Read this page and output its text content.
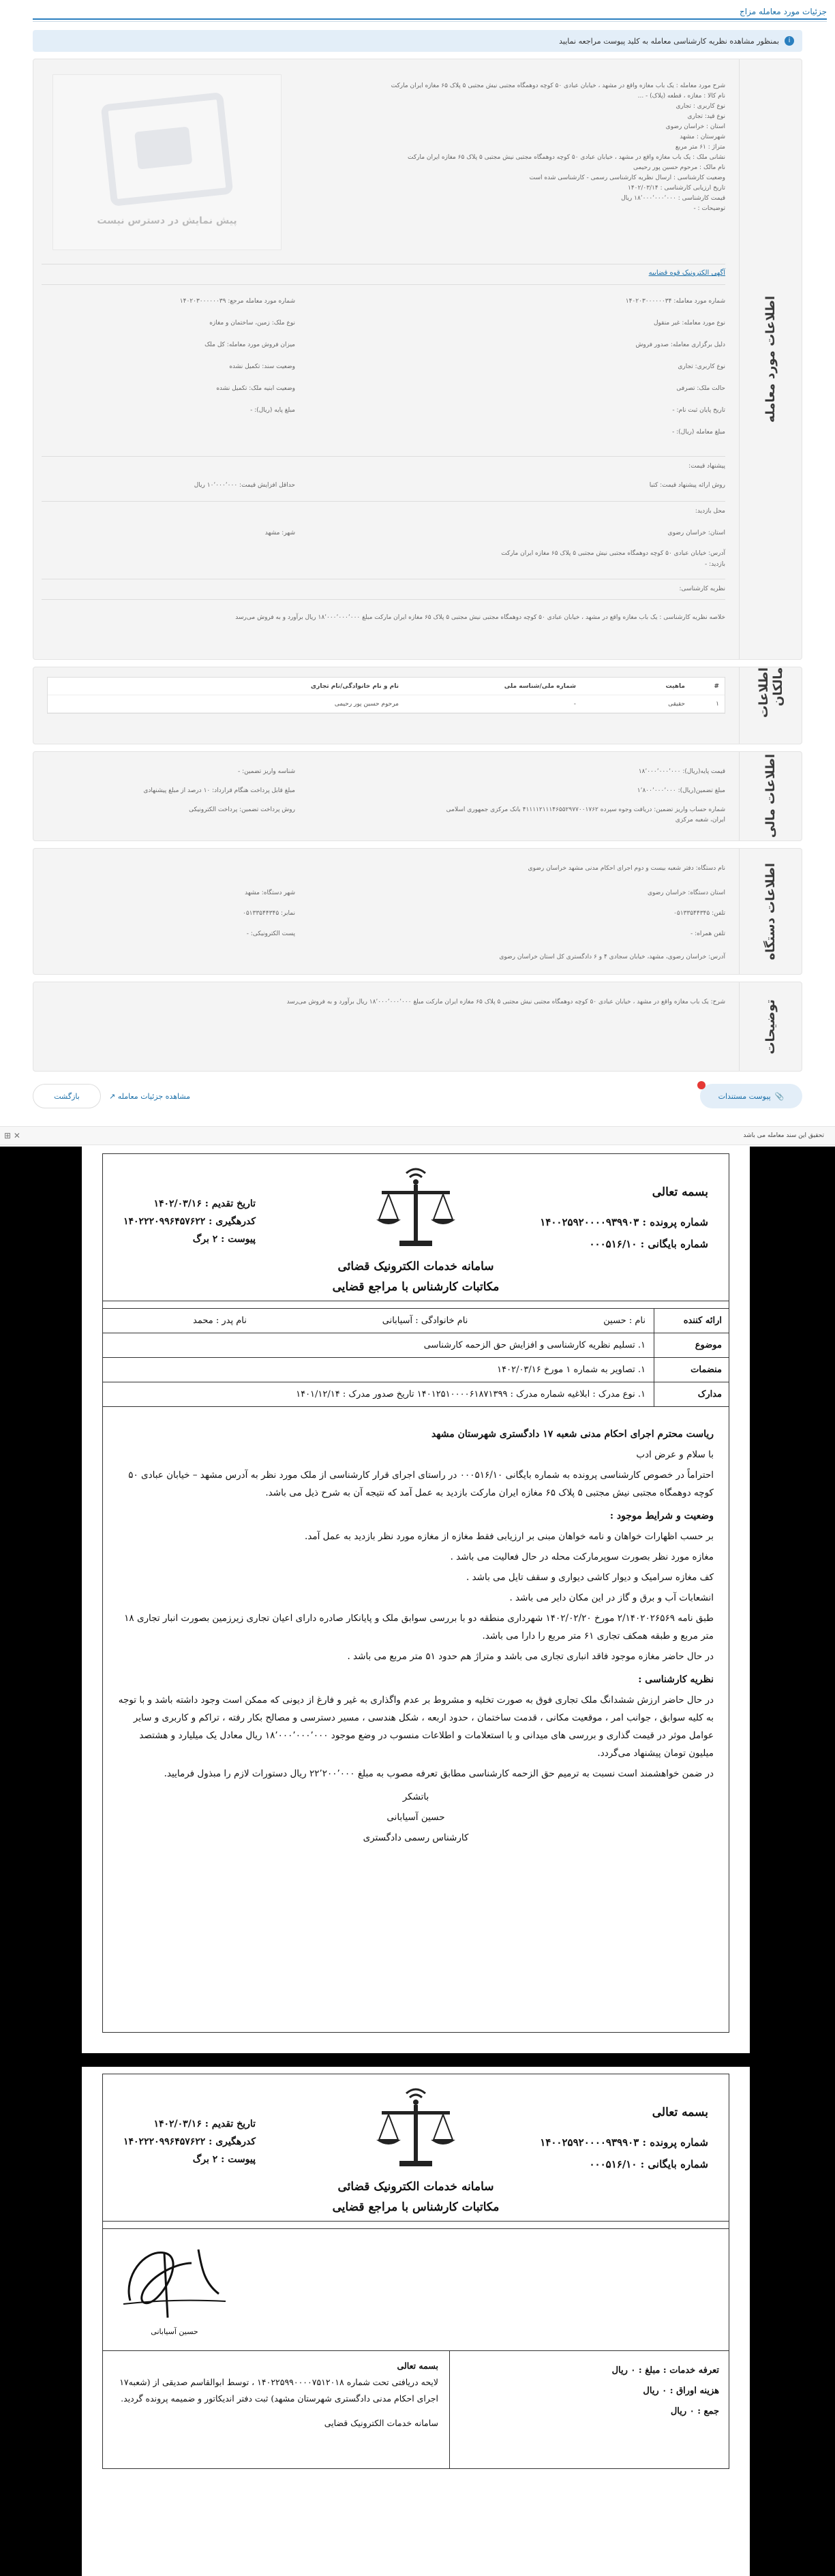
جزئیات مورد معامله مزاج
i
بمنظور مشاهده نظریه کارشناسی معامله به کلید پیوست مراجعه نمایید
اطلاعات مورد معامله
پیش نمایش در دسترس نیست
شرح مورد معامله : یک باب مغازه واقع در مشهد ، خیابان عبادی ۵۰ کوچه دوهمگاه مجتبی نیش مجتبی ۵ پلاک ۶۵ مغازه ایران مارکت
نام کالا : مغازه ، قطعه (پلاک) - ...
نوع کاربری : تجاری
نوع قید: تجاری
استان : خراسان رضوی
شهرستان : مشهد
متراژ : ۶۱ متر مربع
نشانی ملک : یک باب مغازه واقع در مشهد ، خیابان عبادی ۵۰ کوچه دوهمگاه مجتبی نیش مجتبی ۵ پلاک ۶۵ مغازه ایران مارکت
نام مالک : مرحوم حسین پور رحیمی
وضعیت کارشناسی : ارسال نظریه کارشناسی رسمی - کارشناسی شده است
تاریخ ارزیابی کارشناسی : ۱۴۰۲/۰۳/۱۴
قیمت کارشناسی : ۱۸٬۰۰۰٬۰۰۰٬۰۰۰ ریال
توضیحات : -
آگهی الکترونیک قوه قضاییه
شماره مورد معامله: ۱۴۰۲۰۳۰۰۰۰۰۰۳۴
نوع مورد معامله: غیر منقول
دلیل برگزاری معامله: صدور فروش
نوع کاربری: تجاری
حالت ملک: تصرفی
تاریخ پایان ثبت نام: -
مبلغ معامله (ریال): -
شماره مورد معامله مرجع: ۱۴۰۲۰۳۰۰۰۰۰۰۳۹
نوع ملک: زمین، ساختمان و مغازه
میزان فروش مورد معامله: کل ملک
وضعیت سند: تکمیل نشده
وضعیت ابنیه ملک: تکمیل نشده
مبلغ پایه (ریال): -
پیشنهاد قیمت:
روش ارائه پیشنهاد قیمت: کتبا
حداقل افزایش قیمت: ۱۰٬۰۰۰٬۰۰۰ ریال
محل بازدید:
استان: خراسان رضوی
شهر: مشهد
آدرس: خیابان عبادی ۵۰ کوچه دوهمگاه مجتبی نیش مجتبی ۵ پلاک ۶۵ مغازه ایران مارکت
بازدید: -
نظریه کارشناسی:
خلاصه نظریه کارشناسی : یک باب مغازه واقع در مشهد ، خیابان عبادی ۵۰ کوچه دوهمگاه مجتبی نیش مجتبی ۵ پلاک ۶۵ مغازه ایران مارکت مبلغ ۱۸٬۰۰۰٬۰۰۰٬۰۰۰ ریال برآورد و به فروش می‌رسد
اطلاعات مالکان
#
ماهیت
شماره ملی/شناسه ملی
نام و نام خانوادگی/نام تجاری
۱
حقیقی
-
مرحوم حسین پور رحیمی
اطلاعات مالی
قیمت پایه(ریال): ۱۸٬۰۰۰٬۰۰۰٬۰۰۰
مبلغ تضمین(ریال): ۱٬۸۰۰٬۰۰۰٬۰۰۰
شماره حساب واریز تضمین: دریافت وجوه سپرده ۴۱۱۱۱۲۱۱۱۴۶۵۵۲۹۷۷۰۰۱۷۶۲ بانک مرکزی جمهوری اسلامی ایران، شعبه مرکزی
شناسه واریز تضمین: -
مبلغ قابل پرداخت هنگام قرارداد: ۱۰ درصد از مبلغ پیشنهادی
روش پرداخت تضمین: پرداخت الکترونیکی
اطلاعات دستگاه
نام دستگاه: دفتر شعبه بیست و دوم اجرای احکام مدنی مشهد خراسان رضوی
استان دستگاه: خراسان رضوی
شهر دستگاه: مشهد
تلفن: ۰۵۱۳۳۵۴۴۳۴۵
نمابر: ۰۵۱۳۳۵۴۴۳۴۵
تلفن همراه: -
پست الکترونیکی: -
آدرس: خراسان رضوی، مشهد، خیابان سجادی ۴ و ۶ دادگستری کل استان خراسان رضوی
توضیحات
شرح: یک باب مغازه واقع در مشهد ، خیابان عبادی ۵۰ کوچه دوهمگاه مجتبی نیش مجتبی ۵ پلاک ۶۵ مغازه ایران مارکت مبلغ ۱۸٬۰۰۰٬۰۰۰٬۰۰۰ ریال برآورد و به فروش می‌رسد
📎
پیوست مستندات
بازگشت	مشاهده جزئیات معامله ↗
تحقیق این سند معامله می باشد
✕ ⊞
بسمه تعالی
شماره پرونده : ۱۴۰۰۲۵۹۲۰۰۰۰۹۳۹۹۰۳
شماره بایگانی : ۰۰۰۵۱۶/۱۰
تاریخ تقدیم : ۱۴۰۲/۰۳/۱۶
کدرهگیری : ۱۴۰۲۲۲۰۹۹۶۴۵۷۶۲۲
پیوست : ۲ برگ
سامانه خدمات الکترونیک قضائی
مکاتبات کارشناس با مراجع قضایی
ارائه کننده
نام : حسین
نام خانوادگی : آسیابانی
نام پدر : محمد
موضوع
۱. تسلیم نظریه کارشناسی و افزایش حق الزحمه کارشناسی
منضمات
۱. تصاویر به شماره ۱ مورخ ۱۴۰۲/۰۳/۱۶
مدارک
۱. نوع مدرک : ابلاغیه شماره مدرک : ۱۴۰۱۲۵۱۰۰۰۰۶۱۸۷۱۳۹۹ تاریخ صدور مدرک : ۱۴۰۱/۱۲/۱۴
ریاست محترم اجرای احکام مدنی شعبه ۱۷ دادگستری شهرستان مشهد

با سلام و عرض ادب

احتراماً در خصوص کارشناسی پرونده به شماره بایگانی ۰۰۰۵۱۶/۱۰ در راستای اجرای قرار کارشناسی از ملک مورد نظر به آدرس مشهد – خیابان عبادی ۵۰ کوچه دوهمگاه مجتبی نیش مجتبی ۵ پلاک ۶۵ مغازه ایران مارکت بازدید به عمل آمد که نتیجه آن به شرح ذیل می باشد.

وضعیت و شرایط موجود :

بر حسب اظهارات خواهان و نامه خواهان مبنی بر ارزیابی فقط مغازه از مغازه مورد نظر بازدید به عمل آمد.

مغازه مورد نظر بصورت سوپرمارکت محله در حال فعالیت می باشد .

کف مغازه سرامیک و دیوار کاشی دیواری و سقف تایل می باشد .

انشعابات آب و برق و گاز در این مکان دایر می باشد .

طبق نامه ۲/۱۴۰۲۰۲۶۵۶۹ مورخ ۱۴۰۲/۰۲/۲۰ شهرداری منطقه دو با بررسی سوابق ملک و پایانکار صادره دارای اعیان تجاری زیرزمین بصورت انبار تجاری ۱۸ متر مربع و طبقه همکف تجاری ۶۱ متر مربع را دارا می باشد.

در حال حاضر مغازه موجود فاقد انباری تجاری می باشد و متراژ هم حدود ۵۱ متر مربع می باشد .

نظریه کارشناسی :

در حال حاضر ارزش ششدانگ ملک تجاری فوق به صورت تخلیه و مشروط بر عدم واگذاری به غیر و فارغ از دیونی که ممکن است وجود داشته باشد و با توجه به کلیه سوابق ، جوانب امر ، موقعیت مکانی ، قدمت ساختمان ، حدود اربعه ، شکل هندسی ، مسیر دسترسی و مصالح بکار رفته ، تراکم و کاربری و سایر عوامل موثر در قیمت گذاری و بررسی های میدانی و با استعلامات و اطلاعات منسوب در وضع موجود ۱۸٬۰۰۰٬۰۰۰٬۰۰۰ ریال معادل یک میلیارد و هشتصد میلیون تومان پیشنهاد می‌گردد.

در ضمن خواهشمند است نسبت به ترمیم حق الزحمه کارشناسی مطابق تعرفه مصوب به مبلغ ۲۲٬۲۰۰٬۰۰۰ ریال دستورات لازم را مبذول فرمایید.

باتشکر

حسین آسیابانی

کارشناس رسمی دادگستری

بسمه تعالی
شماره پرونده : ۱۴۰۰۲۵۹۲۰۰۰۰۹۳۹۹۰۳
شماره بایگانی : ۰۰۰۵۱۶/۱۰
تاریخ تقدیم : ۱۴۰۲/۰۳/۱۶
کدرهگیری : ۱۴۰۲۲۲۰۹۹۶۴۵۷۶۲۲
پیوست : ۲ برگ
سامانه خدمات الکترونیک قضائی
مکاتبات کارشناس با مراجع قضایی
حسین آسیابانی
تعرفه خدمات : مبلغ : ۰ ریال
هزینه اوراق : ۰ ریال
جمع : ۰ ریال
بسمه تعالی
لایحه دریافتی تحت شماره ۱۴۰۲۲۵۹۹۰۰۰۰۷۵۱۲۰۱۸ ، توسط ابوالقاسم صدیقی از (شعبه۱۷ اجرای احکام مدنی دادگستری شهرستان مشهد) ثبت دفتر اندیکاتور و ضمیمه پرونده گردید.
سامانه خدمات الکترونیک قضایی
